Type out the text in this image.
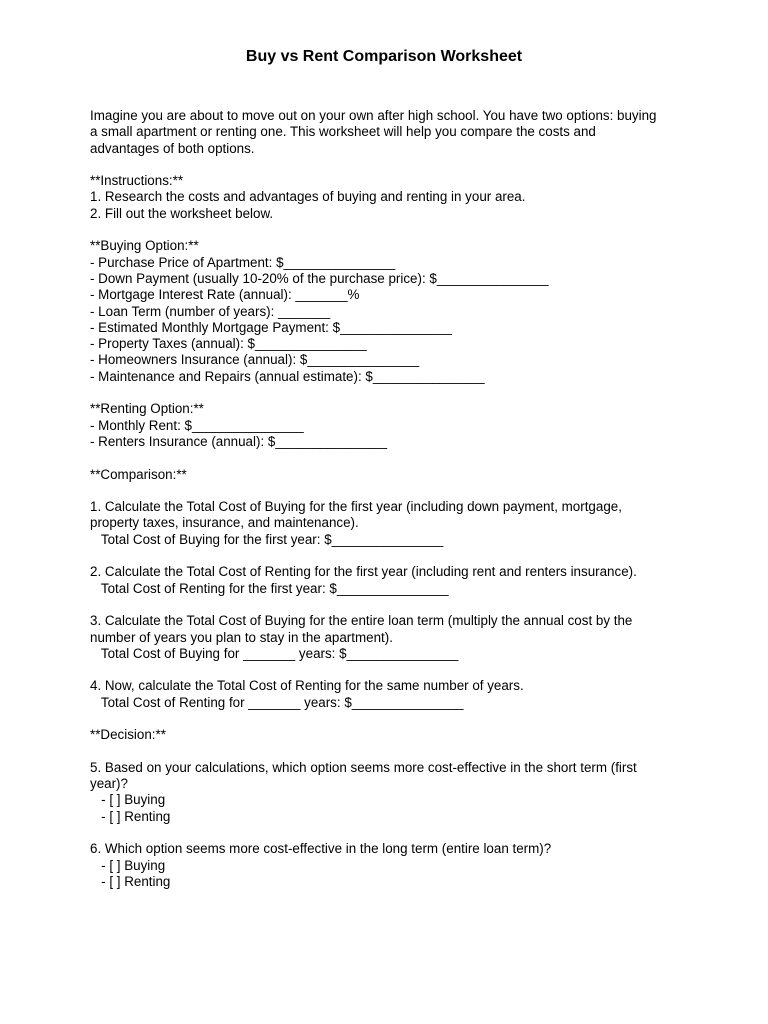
Buy vs Rent Comparison Worksheet
Imagine you are about to move out on your own after high school. You have two options: buying
a small apartment or renting one. This worksheet will help you compare the costs and
advantages of both options.
**Instructions:**
1. Research the costs and advantages of buying and renting in your area.
2. Fill out the worksheet below.
**Buying Option:**
- Purchase Price of Apartment: $_______________
- Down Payment (usually 10-20% of the purchase price): $_______________
- Mortgage Interest Rate (annual): _______%
- Loan Term (number of years): _______
- Estimated Monthly Mortgage Payment: $_______________
- Property Taxes (annual): $_______________
- Homeowners Insurance (annual): $_______________
- Maintenance and Repairs (annual estimate): $_______________
**Renting Option:**
- Monthly Rent: $_______________
- Renters Insurance (annual): $_______________
**Comparison:**
1. Calculate the Total Cost of Buying for the first year (including down payment, mortgage,
property taxes, insurance, and maintenance).
Total Cost of Buying for the first year: $_______________
2. Calculate the Total Cost of Renting for the first year (including rent and renters insurance).
Total Cost of Renting for the first year: $_______________
3. Calculate the Total Cost of Buying for the entire loan term (multiply the annual cost by the
number of years you plan to stay in the apartment).
Total Cost of Buying for _______ years: $_______________
4. Now, calculate the Total Cost of Renting for the same number of years.
Total Cost of Renting for _______ years: $_______________
**Decision:**
5. Based on your calculations, which option seems more cost-effective in the short term (first
year)?
- [ ] Buying
- [ ] Renting
6. Which option seems more cost-effective in the long term (entire loan term)?
- [ ] Buying
- [ ] Renting
